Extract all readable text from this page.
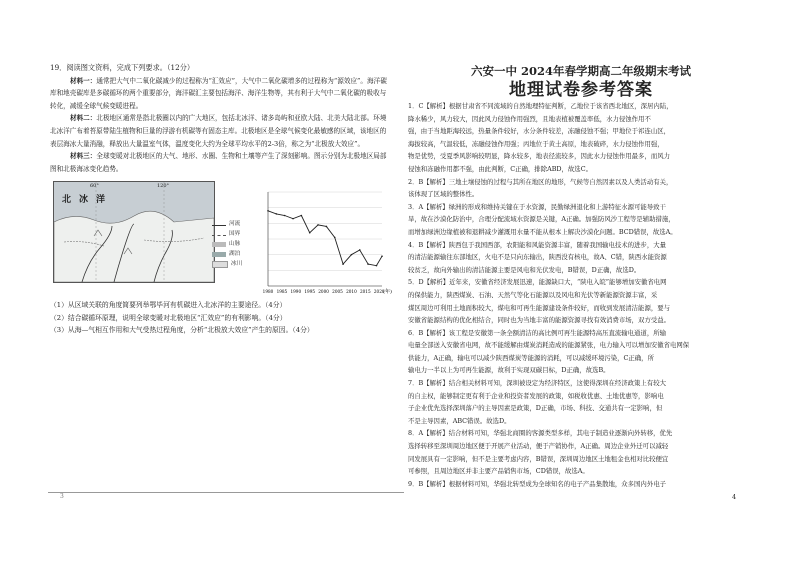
19．阅读图文资料，完成下列要求。（12分）
材料一：通常把大气中二氧化碳减少的过程称为“汇效应”，大气中二氧化碳增多的过程称为“源效应”。海洋碳库和地壳碳库是多碳循环的两个重要部分，海洋碳汇主要包括海洋、海洋生物等，其有利于大气中二氧化碳的吸收与转化，减缓全球气候变暖进程。
材料二：北极地区通常是指北极圈以内的广大地区，包括北冰洋、诸多岛屿和亚欧大陆、北美大陆北部。环境北冰洋广布着苔原带陆生植物和巨量的浮游有机碳等有固态主库。北极地区是全球气候变化最敏感的区域，该地区的表层海冰大量消融，释放出大量温室气体，温度变化大约为全球平均水平的2-3倍，称之为“北极放大效应”。
材料三：全球变暖对北极地区的大气、地形、水圈、生物和土壤等产生了深刻影响。图示分别为北极地区局部图和北极海冰变化趋势。
北冰洋
60°	120°
河流
国界
山脉
湖泊
冰川
1980 1985 1990 1995 2000 2005 2010 2015 2020
(年)
（1）从区域关联的角度简要列举鄂毕河有机碳进入北冰洋的主要途径。（4分）
（2）结合碳循环原理，说明全球变暖对北极地区“汇效应”的有利影响。（4分）
（3）从海—气相互作用和大气受热过程角度，分析“北极放大效应”产生的原因。（4分）
3
六安一中 2024年春学期高二年级期末考试
地理试卷参考答案
1．C【解析】根据甘肃省不同流域的自然地理特征判断，乙地位于该省西北地区，深居内陆，
降水稀少，风力较大，因此风力侵蚀作用强烈，且地表植被覆盖率低，水力侵蚀作用不
强，由于当地距海较远，热量条件较好，水分条件较差，冻融侵蚀不强；甲地位于祁连山区，
海拔较高，气温较低，冻融侵蚀作用强；丙地位于黄土高原，地表破碎，水力侵蚀作用强，
物是优势，受夏季风影响较明显，降水较多，地表径流较多，因此水力侵蚀作用最多，而风力
侵蚀和冻融作用都不强，由此判断，C正确，排除ABD，故选C。
2．B【解析】三地土壤侵蚀的过程与其所在地区的地形，气候等自然因素以及人类活动有关，
该体现了区域的整体性。
3．A【解析】绿洲的形成和维持关键在于水资源，民勤绿洲退化和上游特征水源可能导致干
旱，故在沙漠化防治中，合理分配流域水资源是关键，A正确。加强防风沙工程等是辅助措施，
而增加绿洲边缘植被和退耕减少灌溉用水量不能从根本上解决沙漠化问题。BCD错误，故选A。
4．B【解析】陕西包于我国西部，农阳能和风能资源丰富，随着我国输电技术的进步，大量
的清洁能源输往东部地区，火电不是只向东输出，陕西没有核电，故A、C错，陕西水能资源
较贫乏，故向外输出的清洁能源主要是风电和光伏发电，B错误，D正确，故选D。
5．D【解析】近年来，安徽省经济发展迅速，能源缺口大，“陕电入皖”能够增加安徽省电网
的保供能力，陕西煤炭、石油、天然气等化石能源以及风电和光伏等新能源资源丰富，采
煤区周边可利用土地面积较大，煤电和可再生能源建设条件较好，而收到发展清洁能源，要与
安徽省能源结构的优化相结合，同时也为当地丰富的能源资源寻找有效消费市场，双方受益。
6．B【解析】该工程是安徽第一条全额清洁的高比例可再生能源特高压直流输电通道，所输
电量全部送入安徽省电网，故不能缓解由煤炭消耗造成的能源紧张，电力输入可以增加安徽省电网保
供能力，A正确，输电可以减少陕西煤炭等能源的消耗，可以减缓环境污染，C正确，所
输电力一半以上为可再生能源，故利于实现双碳目标，D正确，故选B。
7．B【解析】结合相关材料可知，深圳被设定为经济特区，这使得深圳在经济政策上有较大
的自主权，能够制定更有利于企业和投资者发展的政策，如税收优惠、土地优惠等，影响电
子企业优先选择深圳落户的主导因素是政策，D正确，市场、科技、交通共有一定影响，但
不是主导因素，ABC错误。故选D。
8．A【解析】结合材料可知，华强北商圈的客源类型多样，其电子制造业逐渐向外转移，优先
选择转移至深圳周边地区便于开展产业活动，便于产销协作，A正确。周边企业外迁可以减轻
同发展具有一定影响，但不是主要考虑内容，B错误，深圳周边地区土地租金也相对比较便宜
可参照，且周边地区并非主要产品销售市场，CD错误，故选A。
9．B【解析】根据材料可知，华强北转型成为全球知名的电子产品集散地，众多国内外电子
4
